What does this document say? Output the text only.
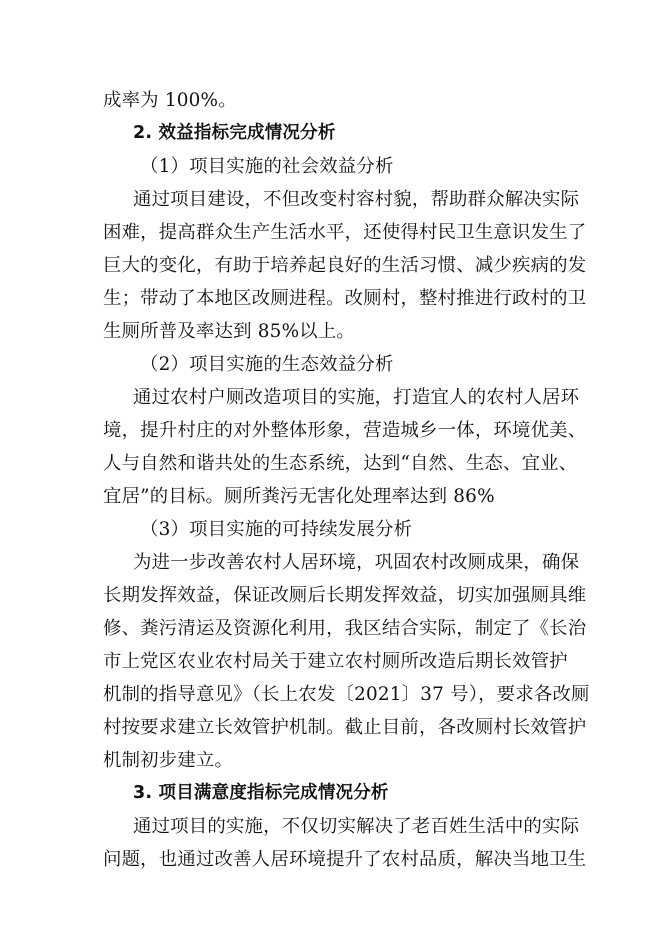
成率为 100%。
2. 效益指标完成情况分析
（1）项目实施的社会效益分析
通过项目建设，不但改变村容村貌，帮助群众解决实际
困难，提高群众生产生活水平，还使得村民卫生意识发生了
巨大的变化，有助于培养起良好的生活习惯、减少疾病的发
生；带动了本地区改厕进程。改厕村，整村推进行政村的卫
生厕所普及率达到 85%以上。
（2）项目实施的生态效益分析
通过农村户厕改造项目的实施，打造宜人的农村人居环
境，提升村庄的对外整体形象，营造城乡一体，环境优美、
人与自然和谐共处的生态系统，达到“自然、生态、宜业、
宜居”的目标。厕所粪污无害化处理率达到 86%
（3）项目实施的可持续发展分析
为进一步改善农村人居环境，巩固农村改厕成果，确保
长期发挥效益，保证改厕后长期发挥效益，切实加强厕具维
修、粪污清运及资源化利用，我区结合实际，制定了《长治
市上党区农业农村局关于建立农村厕所改造后期长效管护
机制的指导意见》（长上农发〔2021〕37 号），要求各改厕
村按要求建立长效管护机制。截止目前，各改厕村长效管护
机制初步建立。
3. 项目满意度指标完成情况分析
通过项目的实施，不仅切实解决了老百姓生活中的实际
问题，也通过改善人居环境提升了农村品质，解决当地卫生
